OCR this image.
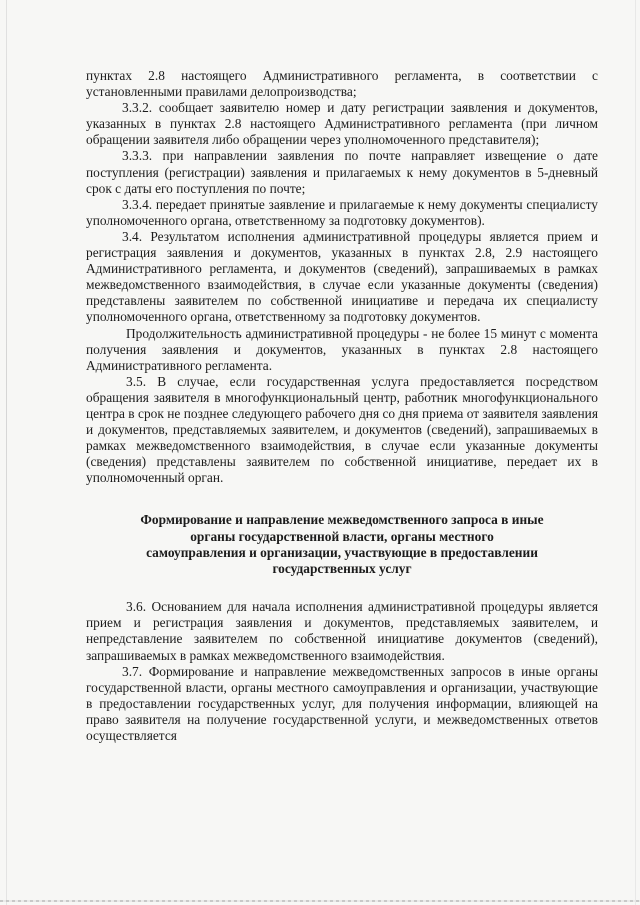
пунктах 2.8 настоящего Административного регламента, в соответствии с установленными правилами делопроизводства;

3.3.2. сообщает заявителю номер и дату регистрации заявления и документов, указанных в пунктах 2.8 настоящего Административного регламента (при личном обращении заявителя либо обращении через уполномоченного представителя);

3.3.3. при направлении заявления по почте направляет извещение о дате поступления (регистрации) заявления и прилагаемых к нему документов в 5-дневный срок с даты его поступления по почте;

3.3.4. передает принятые заявление и прилагаемые к нему документы специалисту уполномоченного органа, ответственному за подготовку документов).

3.4. Результатом исполнения административной процедуры является прием и регистрация заявления и документов, указанных в пунктах 2.8, 2.9 настоящего Административного регламента, и документов (сведений), запрашиваемых в рамках межведомственного взаимодействия, в случае если указанные документы (сведения) представлены заявителем по собственной инициативе и передача их специалисту уполномоченного органа, ответственному за подготовку документов.

Продолжительность административной процедуры - не более 15 минут с момента получения заявления и документов, указанных в пунктах 2.8 настоящего Административного регламента.

3.5. В случае, если государственная услуга предоставляется посредством обращения заявителя в многофункциональный центр, работник многофункционального центра в срок не позднее следующего рабочего дня со дня приема от заявителя заявления и документов, представляемых заявителем, и документов (сведений), запрашиваемых в рамках межведомственного взаимодействия, в случае если указанные документы (сведения) представлены заявителем по собственной инициативе, передает их в уполномоченный орган.

Формирование и направление межведомственного запроса в иные
органы государственной власти, органы местного
самоуправления и организации, участвующие в предоставлении
государственных услуг

3.6. Основанием для начала исполнения административной процедуры является прием и регистрация заявления и документов, представляемых заявителем, и непредставление заявителем по собственной инициативе документов (сведений), запрашиваемых в рамках межведомственного взаимодействия.

3.7. Формирование и направление межведомственных запросов в иные органы государственной власти, органы местного самоуправления и организации, участвующие в предоставлении государственных услуг, для получения информации, влияющей на право заявителя на получение государственной услуги, и межведомственных ответов осуществляется
